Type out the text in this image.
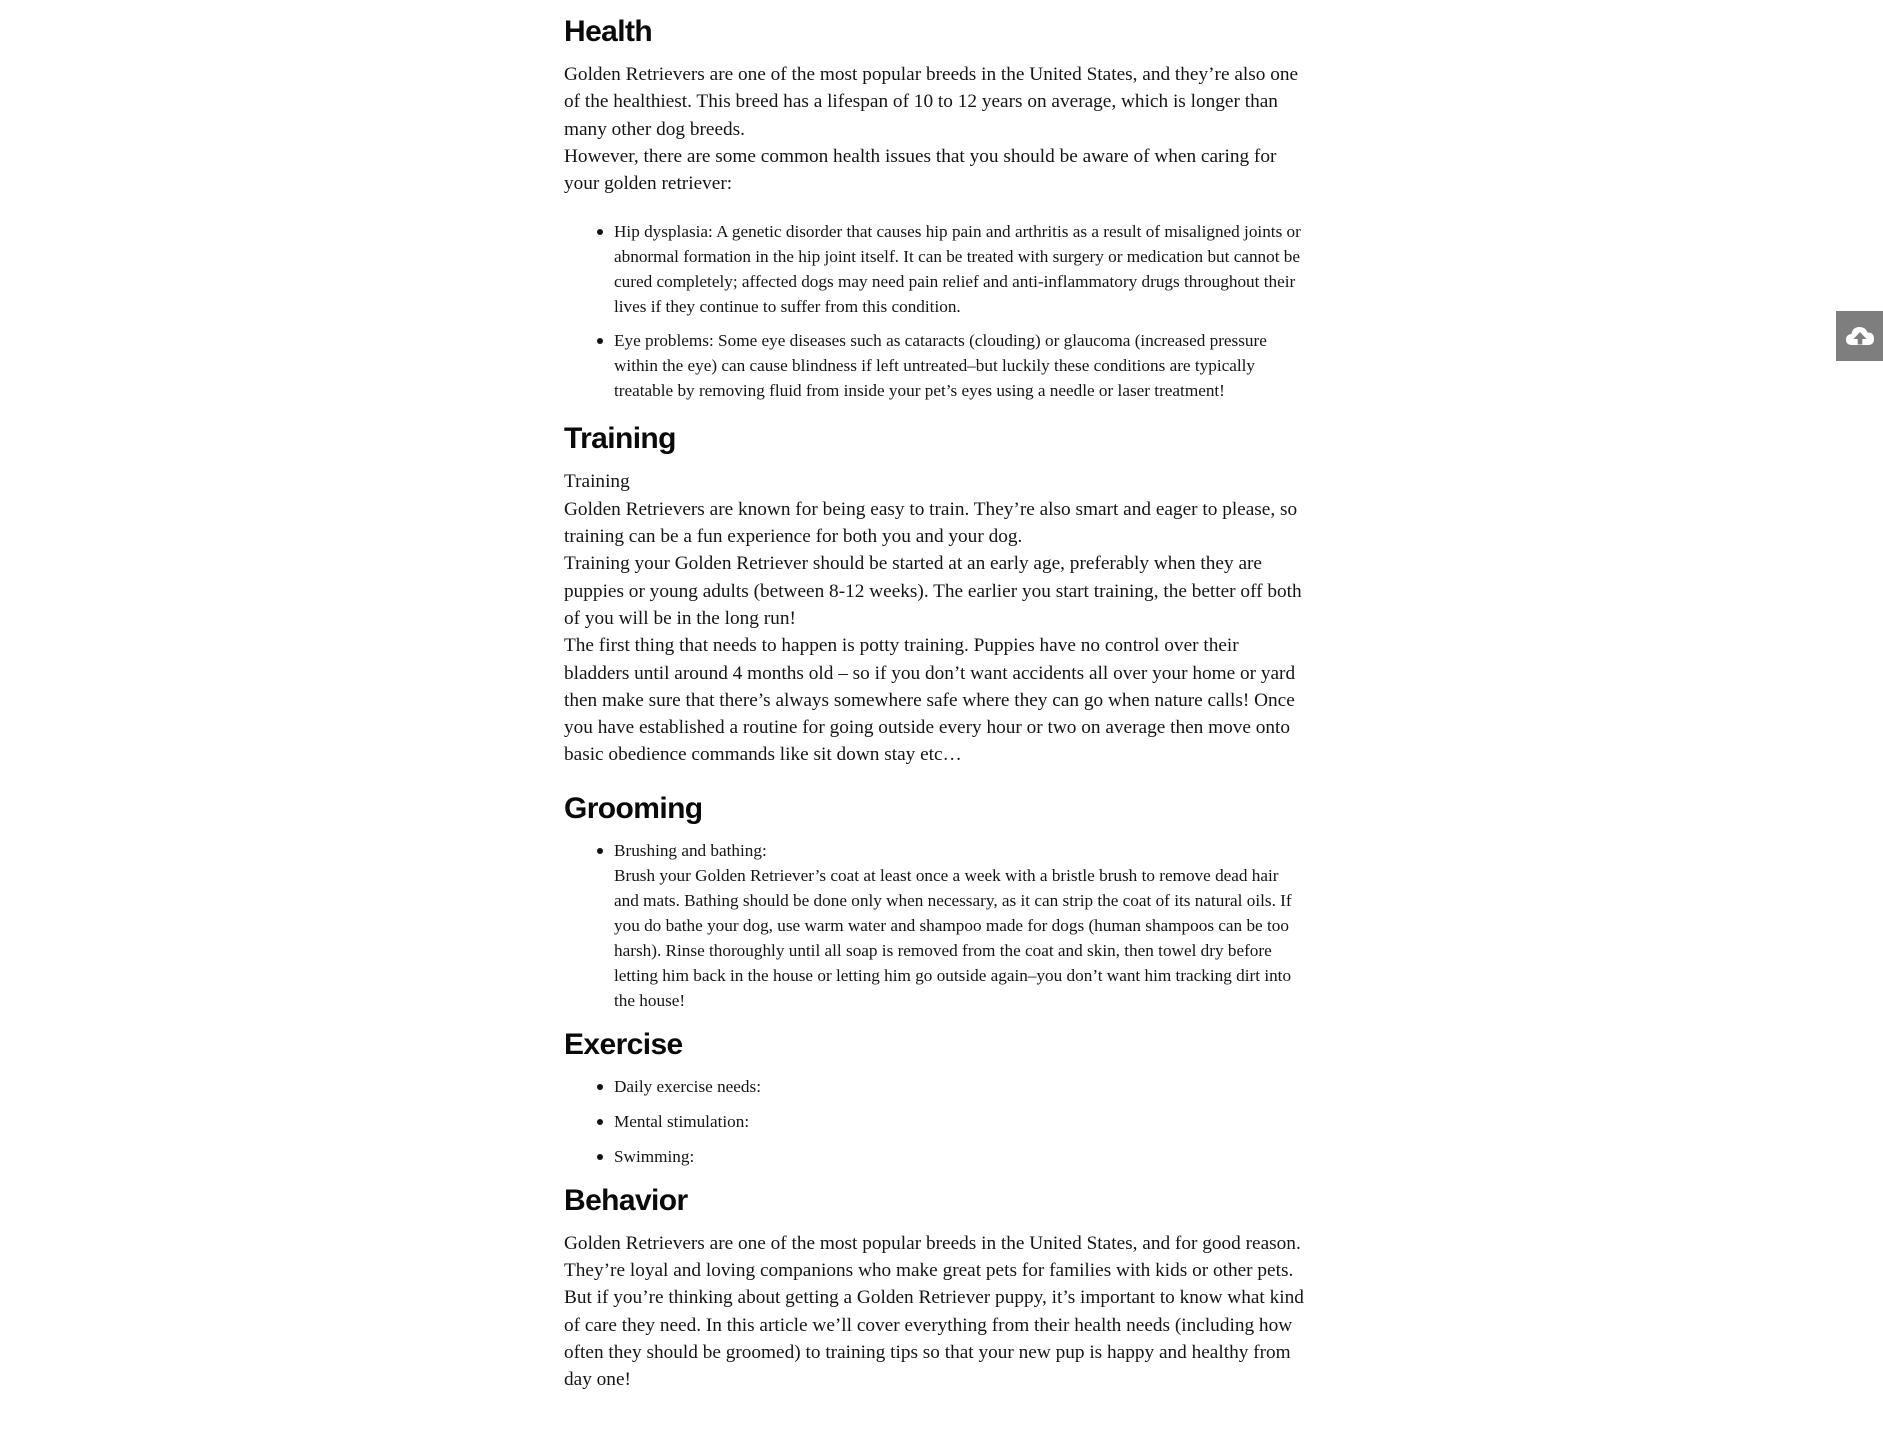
Health

Golden Retrievers are one of the most popular breeds in the United States, and they’re also one of the healthiest. This breed has a lifespan of 10 to 12 years on average, which is longer than many other dog breeds.

However, there are some common health issues that you should be aware of when caring for your golden retriever:

Hip dysplasia: A genetic disorder that causes hip pain and arthritis as a result of misaligned joints or abnormal formation in the hip joint itself. It can be treated with surgery or medication but cannot be cured completely; affected dogs may need pain relief and anti-inflammatory drugs throughout their lives if they continue to suffer from this condition.
Eye problems: Some eye diseases such as cataracts (clouding) or glaucoma (increased pressure within the eye) can cause blindness if left untreated–but luckily these conditions are typically treatable by removing fluid from inside your pet’s eyes using a needle or laser treatment!
Training

Training

Golden Retrievers are known for being easy to train. They’re also smart and eager to please, so training can be a fun experience for both you and your dog.

Training your Golden Retriever should be started at an early age, preferably when they are puppies or young adults (between 8-12 weeks). The earlier you start training, the better off both of you will be in the long run!

The first thing that needs to happen is potty training. Puppies have no control over their bladders until around 4 months old – so if you don’t want accidents all over your home or yard then make sure that there’s always somewhere safe where they can go when nature calls! Once you have established a routine for going outside every hour or two on average then move onto basic obedience commands like sit down stay etc…

Grooming
Brushing and bathing:
Brush your Golden Retriever’s coat at least once a week with a bristle brush to remove dead hair and mats. Bathing should be done only when necessary, as it can strip the coat of its natural oils. If you do bathe your dog, use warm water and shampoo made for dogs (human shampoos can be too harsh). Rinse thoroughly until all soap is removed from the coat and skin, then towel dry before letting him back in the house or letting him go outside again–you don’t want him tracking dirt into the house!
Exercise
Daily exercise needs:
Mental stimulation:
Swimming:
Behavior

Golden Retrievers are one of the most popular breeds in the United States, and for good reason. They’re loyal and loving companions who make great pets for families with kids or other pets. But if you’re thinking about getting a Golden Retriever puppy, it’s important to know what kind of care they need. In this article we’ll cover everything from their health needs (including how often they should be groomed) to training tips so that your new pup is happy and healthy from day one!
